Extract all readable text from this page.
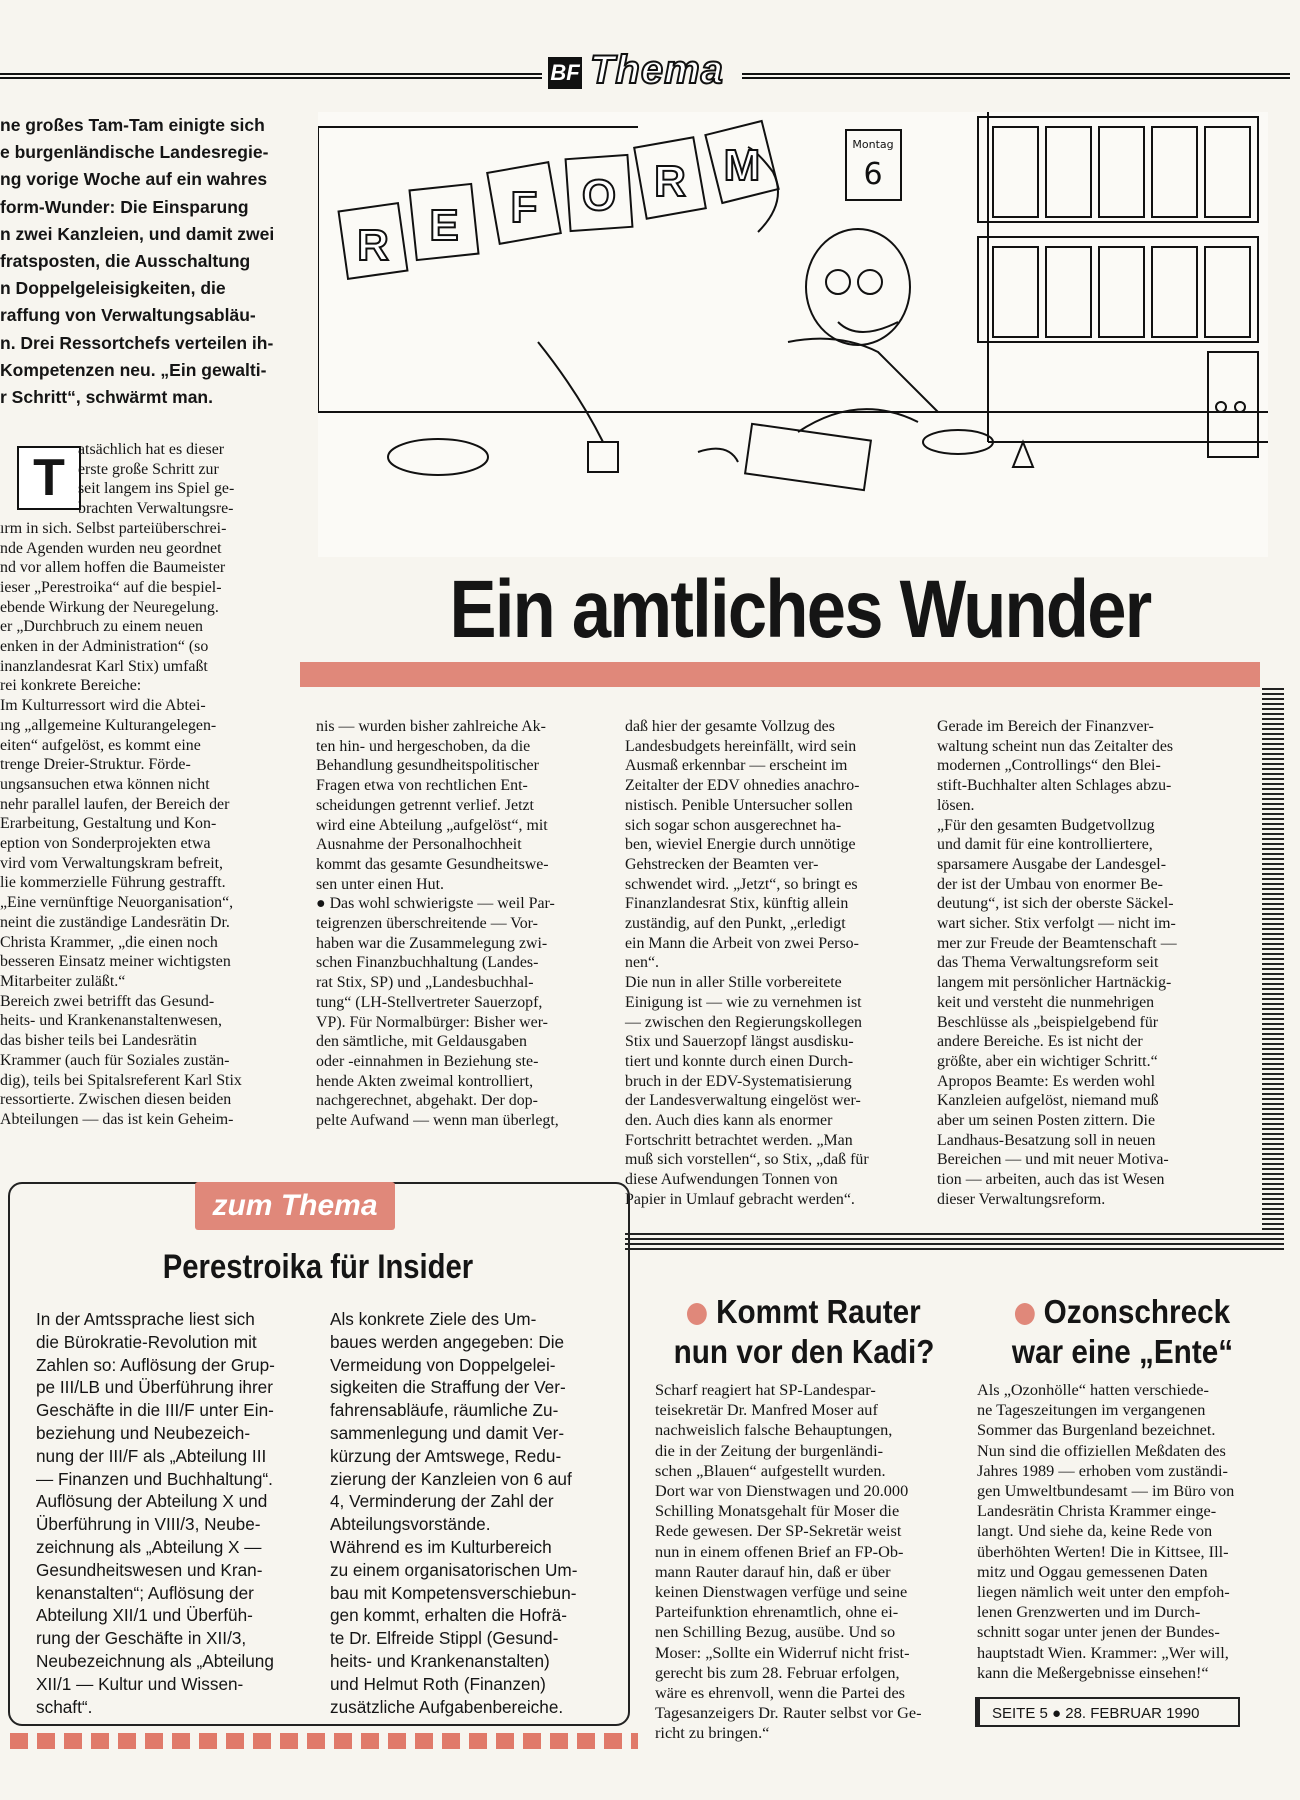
BF Thema

ne großes Tam-Tam einigte sich

e burgenländische Landesregie-

ng vorige Woche auf ein wahres

form-Wunder: Die Einsparung

n zwei Kanzleien, und damit zwei

fratsposten, die Ausschaltung

n Doppelgeleisigkeiten, die

raffung von Verwaltungsabläu-

n. Drei Ressortchefs verteilen ih-

Kompetenzen neu. „Ein gewalti-

r Schritt“, schwärmt man.

R E F O R M	Montag
6
Ein amtliches Wunder
T atsächlich hat es dieser

erste große Schritt zur

seit langem ins Spiel ge-

brachten Verwaltungsre-

ırm in sich. Selbst parteiüberschrei-

nde Agenden wurden neu geordnet

nd vor allem hoffen die Baumeister

ieser „Perestroika“ auf die bespiel-

ebende Wirkung der Neuregelung.

er „Durchbruch zu einem neuen

enken in der Administration“ (so

inanzlandesrat Karl Stix) umfaßt

rei konkrete Bereiche:

Im Kulturressort wird die Abtei-

ıng „allgemeine Kulturangelegen-

eiten“ aufgelöst, es kommt eine

trenge Dreier-Struktur. Förde-

ungsansuchen etwa können nicht

nehr parallel laufen, der Bereich der

Erarbeitung, Gestaltung und Kon-

eption von Sonderprojekten etwa

vird vom Verwaltungskram befreit,

lie kommerzielle Führung gestrafft.

„Eine vernünftige Neuorganisation“,

neint die zuständige Landesrätin Dr.

Christa Krammer, „die einen noch

besseren Einsatz meiner wichtigsten

Mitarbeiter zuläßt.“

Bereich zwei betrifft das Gesund-

heits- und Krankenanstaltenwesen,

das bisher teils bei Landesrätin

Krammer (auch für Soziales zustän-

dig), teils bei Spitalsreferent Karl Stix

ressortierte. Zwischen diesen beiden

Abteilungen — das ist kein Geheim-

nis — wurden bisher zahlreiche Ak-

ten hin- und hergeschoben, da die

Behandlung gesundheitspolitischer

Fragen etwa von rechtlichen Ent-

scheidungen getrennt verlief. Jetzt

wird eine Abteilung „aufgelöst“, mit

Ausnahme der Personalhochheit

kommt das gesamte Gesundheitswe-

sen unter einen Hut.

● Das wohl schwierigste — weil Par-

teigrenzen überschreitende — Vor-

haben war die Zusammelegung zwi-

schen Finanzbuchhaltung (Landes-

rat Stix, SP) und „Landesbuchhal-

tung“ (LH-Stellvertreter Sauerzopf,

VP). Für Normalbürger: Bisher wer-

den sämtliche, mit Geldausgaben

oder -einnahmen in Beziehung ste-

hende Akten zweimal kontrolliert,

nachgerechnet, abgehakt. Der dop-

pelte Aufwand — wenn man überlegt,

daß hier der gesamte Vollzug des

Landesbudgets hereinfällt, wird sein

Ausmaß erkennbar — erscheint im

Zeitalter der EDV ohnedies anachro-

nistisch. Penible Untersucher sollen

sich sogar schon ausgerechnet ha-

ben, wieviel Energie durch unnötige

Gehstrecken der Beamten ver-

schwendet wird. „Jetzt“, so bringt es

Finanzlandesrat Stix, künftig allein

zuständig, auf den Punkt, „erledigt

ein Mann die Arbeit von zwei Perso-

nen“.

Die nun in aller Stille vorbereitete

Einigung ist — wie zu vernehmen ist

— zwischen den Regierungskollegen

Stix und Sauerzopf längst ausdisku-

tiert und konnte durch einen Durch-

bruch in der EDV-Systematisierung

der Landesverwaltung eingelöst wer-

den. Auch dies kann als enormer

Fortschritt betrachtet werden. „Man

muß sich vorstellen“, so Stix, „daß für

diese Aufwendungen Tonnen von

Papier in Umlauf gebracht werden“.

Gerade im Bereich der Finanzver-

waltung scheint nun das Zeitalter des

modernen „Controllings“ den Blei-

stift-Buchhalter alten Schlages abzu-

lösen.

„Für den gesamten Budgetvollzug

und damit für eine kontrolliertere,

sparsamere Ausgabe der Landesgel-

der ist der Umbau von enormer Be-

deutung“, ist sich der oberste Säckel-

wart sicher. Stix verfolgt — nicht im-

mer zur Freude der Beamtenschaft —

das Thema Verwaltungsreform seit

langem mit persönlicher Hartnäckig-

keit und versteht die nunmehrigen

Beschlüsse als „beispielgebend für

andere Bereiche. Es ist nicht der

größte, aber ein wichtiger Schritt.“

Apropos Beamte: Es werden wohl

Kanzleien aufgelöst, niemand muß

aber um seinen Posten zittern. Die

Landhaus-Besatzung soll in neuen

Bereichen — und mit neuer Motiva-

tion — arbeiten, auch das ist Wesen

dieser Verwaltungsreform.

zum Thema
Perestroika für Insider

In der Amtssprache liest sich

die Bürokratie-Revolution mit

Zahlen so: Auflösung der Grup-

pe III/LB und Überführung ihrer

Geschäfte in die III/F unter Ein-

beziehung und Neubezeich-

nung der III/F als „Abteilung III

— Finanzen und Buchhaltung“.

Auflösung der Abteilung X und

Überführung in VIII/3, Neube-

zeichnung als „Abteilung X —

Gesundheitswesen und Kran-

kenanstalten“; Auflösung der

Abteilung XII/1 und Überfüh-

rung der Geschäfte in XII/3,

Neubezeichnung als „Abteilung

XII/1 — Kultur und Wissen-

schaft“.

Als konkrete Ziele des Um-

baues werden angegeben: Die

Vermeidung von Doppelgelei-

sigkeiten die Straffung der Ver-

fahrensabläufe, räumliche Zu-

sammenlegung und damit Ver-

kürzung der Amtswege, Redu-

zierung der Kanzleien von 6 auf

4, Verminderung der Zahl der

Abteilungsvorstände.

Während es im Kulturbereich

zu einem organisatorischen Um-

bau mit Kompetensverschiebun-

gen kommt, erhalten die Hofrä-

te Dr. Elfreide Stippl (Gesund-

heits- und Krankenanstalten)

und Helmut Roth (Finanzen)

zusätzliche Aufgabenbereiche.

Kommt Rauter
nun vor den Kadi?

Scharf reagiert hat SP-Landespar-

teisekretär Dr. Manfred Moser auf

nachweislich falsche Behauptungen,

die in der Zeitung der burgenländi-

schen „Blauen“ aufgestellt wurden.

Dort war von Dienstwagen und 20.000

Schilling Monatsgehalt für Moser die

Rede gewesen. Der SP-Sekretär weist

nun in einem offenen Brief an FP-Ob-

mann Rauter darauf hin, daß er über

keinen Dienstwagen verfüge und seine

Parteifunktion ehrenamtlich, ohne ei-

nen Schilling Bezug, ausübe. Und so

Moser: „Sollte ein Widerruf nicht frist-

gerecht bis zum 28. Februar erfolgen,

wäre es ehrenvoll, wenn die Partei des

Tagesanzeigers Dr. Rauter selbst vor Ge-

richt zu bringen.“

Ozonschreck
war eine „Ente“

Als „Ozonhölle“ hatten verschiede-

ne Tageszeitungen im vergangenen

Sommer das Burgenland bezeichnet.

Nun sind die offiziellen Meßdaten des

Jahres 1989 — erhoben vom zuständi-

gen Umweltbundesamt — im Büro von

Landesrätin Christa Krammer einge-

langt. Und siehe da, keine Rede von

überhöhten Werten! Die in Kittsee, Ill-

mitz und Oggau gemessenen Daten

liegen nämlich weit unter den empfoh-

lenen Grenzwerten und im Durch-

schnitt sogar unter jenen der Bundes-

hauptstadt Wien. Krammer: „Wer will,

kann die Meßergebnisse einsehen!“

SEITE 5 ● 28. FEBRUAR 1990
